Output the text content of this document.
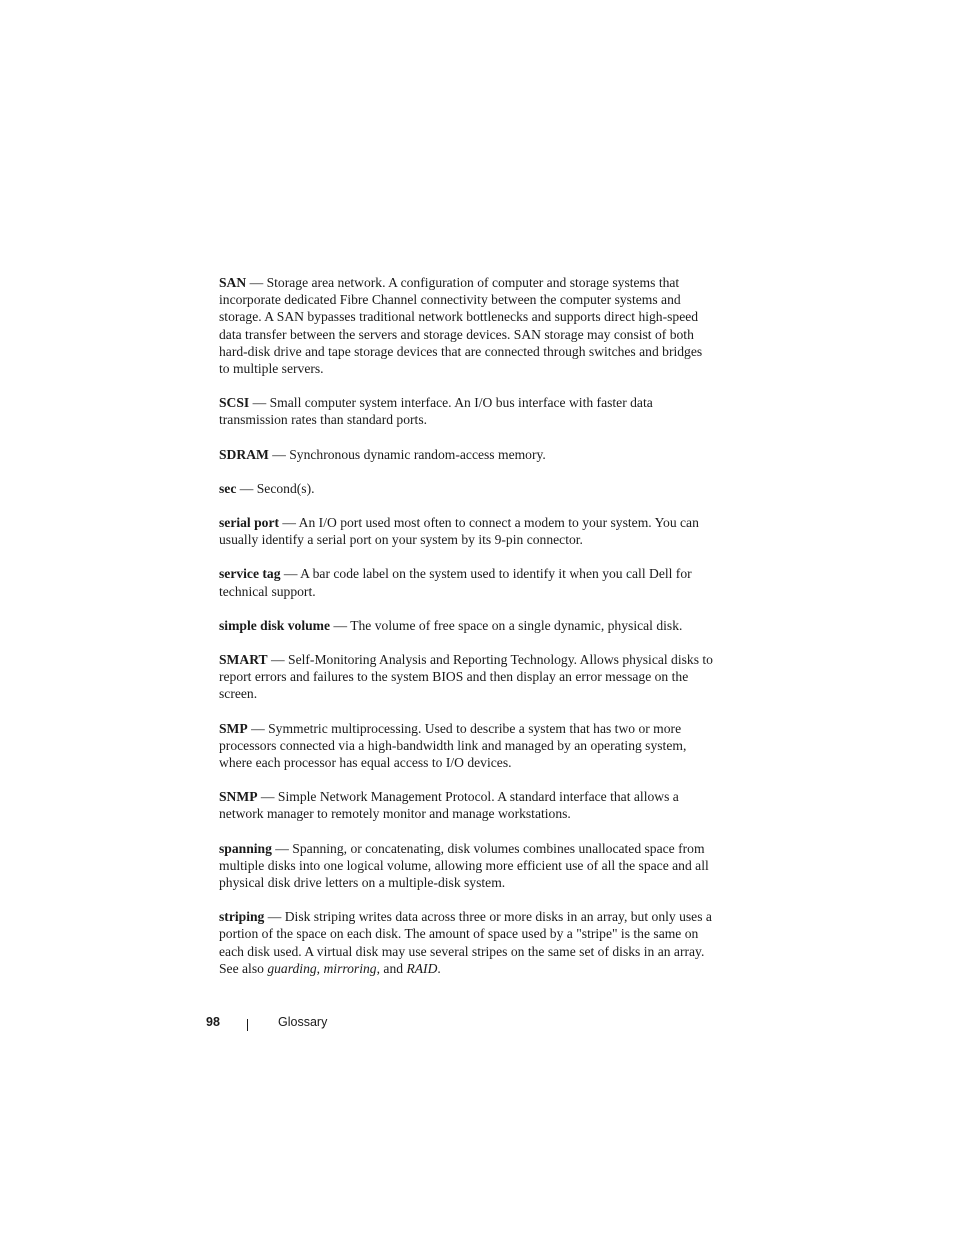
SAN — Storage area network. A configuration of computer and storage systems that incorporate dedicated Fibre Channel connectivity between the computer systems and storage. A SAN bypasses traditional network bottlenecks and supports direct high-speed data transfer between the servers and storage devices. SAN storage may consist of both hard-disk drive and tape storage devices that are connected through switches and bridges to multiple servers.

SCSI — Small computer system interface. An I/O bus interface with faster data transmission rates than standard ports.

SDRAM — Synchronous dynamic random-access memory.

sec — Second(s).

serial port — An I/O port used most often to connect a modem to your system. You can usually identify a serial port on your system by its 9-pin connector.

service tag — A bar code label on the system used to identify it when you call Dell for technical support.

simple disk volume — The volume of free space on a single dynamic, physical disk.

SMART — Self-Monitoring Analysis and Reporting Technology. Allows physical disks to report errors and failures to the system BIOS and then display an error message on the screen.

SMP — Symmetric multiprocessing. Used to describe a system that has two or more processors connected via a high-bandwidth link and managed by an operating system, where each processor has equal access to I/O devices.

SNMP — Simple Network Management Protocol. A standard interface that allows a network manager to remotely monitor and manage workstations.

spanning — Spanning, or concatenating, disk volumes combines unallocated space from multiple disks into one logical volume, allowing more efficient use of all the space and all physical disk drive letters on a multiple-disk system.

striping — Disk striping writes data across three or more disks in an array, but only uses a portion of the space on each disk. The amount of space used by a "stripe" is the same on each disk used. A virtual disk may use several stripes on the same set of disks in an array. See also guarding, mirroring, and RAID.

98	Glossary
